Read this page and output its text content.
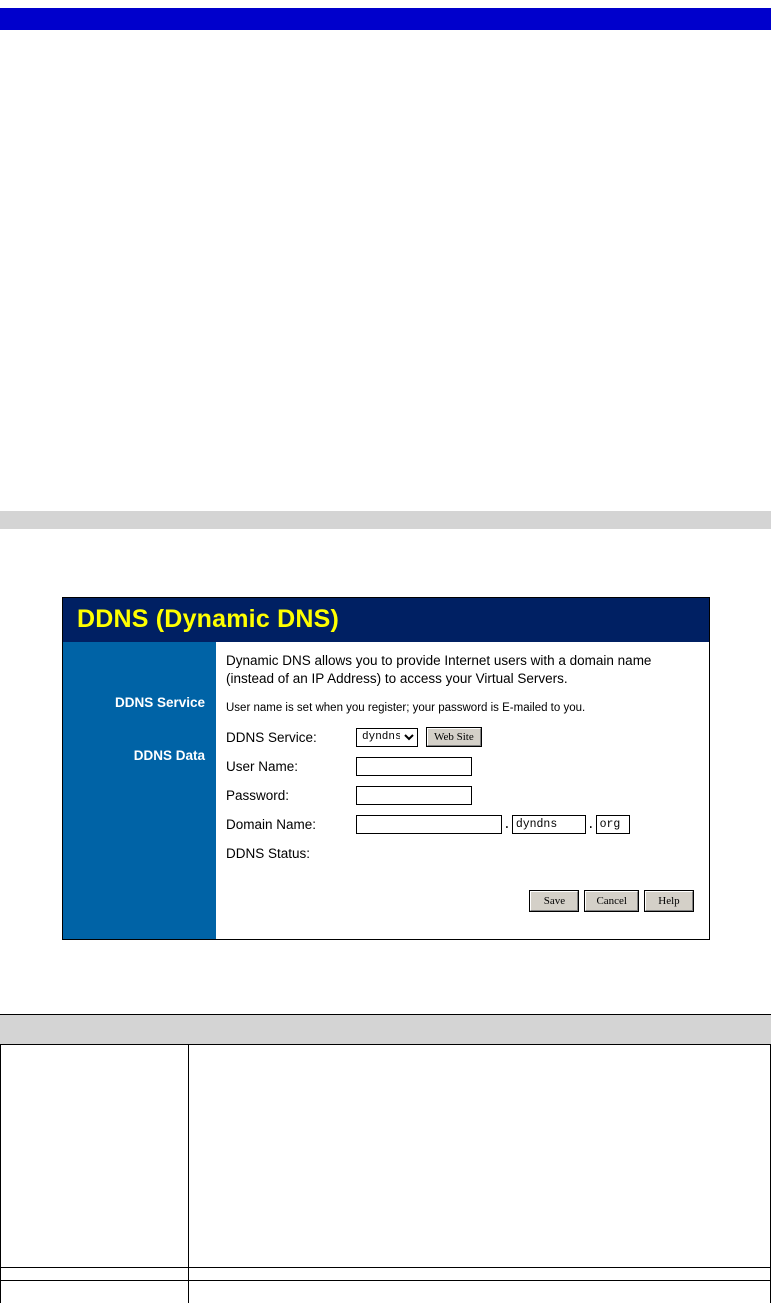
DDNS (Dynamic DNS)
DDNS Service
DDNS Data

Dynamic DNS allows you to provide Internet users with a domain name (instead of an IP Address) to access your Virtual Servers.

User name is set when you register; your password is E-mailed to you.

DDNS Service:
dyndns	Web Site
User Name:
Password:
Domain Name:	. dyndns	. org
DDNS Status:
Save	Cancel	Help
